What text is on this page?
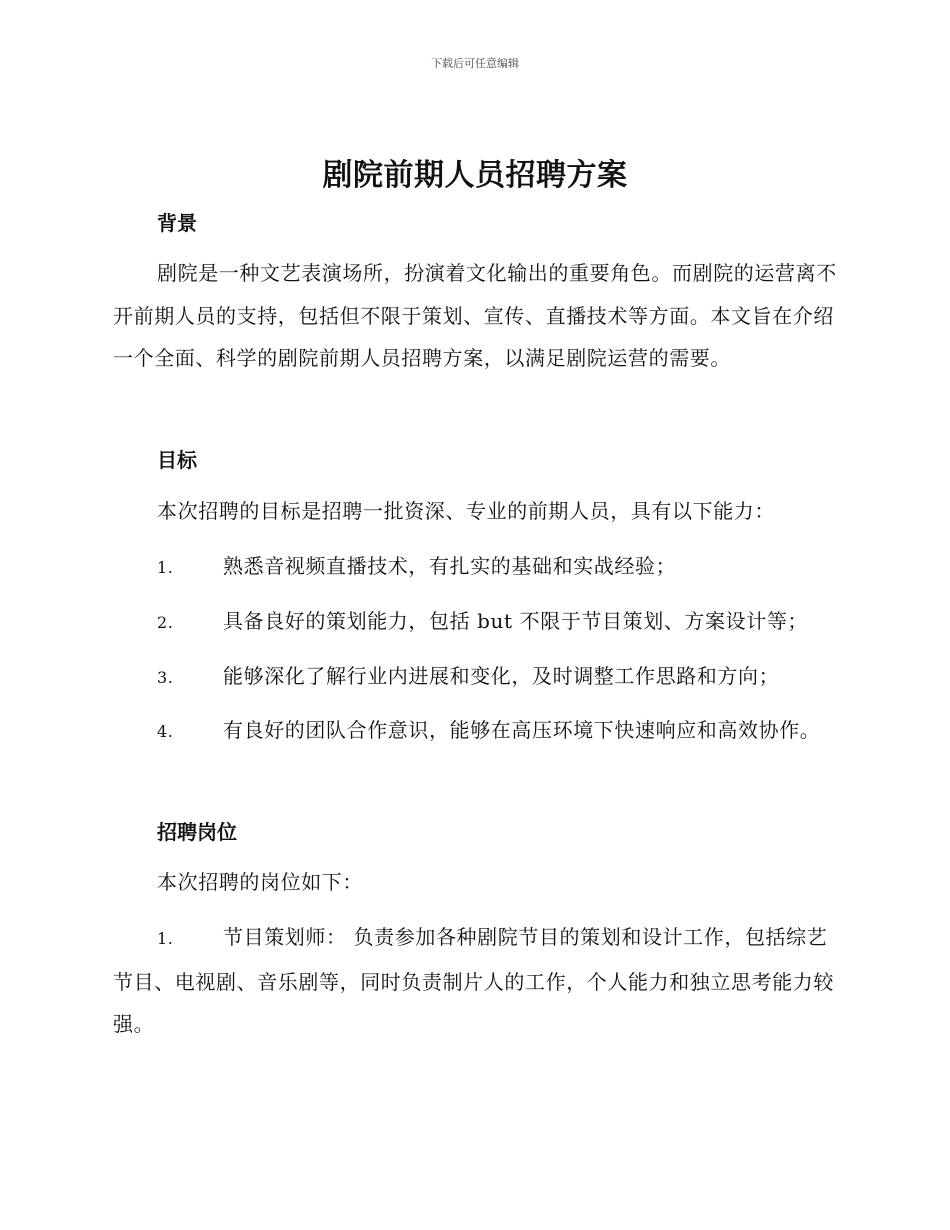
下载后可任意编辑
剧院前期人员招聘方案
背景

剧院是一种文艺表演场所，扮演着文化输出的重要角色。而剧院的运营离不开前期人员的支持，包括但不限于策划、宣传、直播技术等方面。本文旨在介绍一个全面、科学的剧院前期人员招聘方案，以满足剧院运营的需要。

目标

本次招聘的目标是招聘一批资深、专业的前期人员，具有以下能力：

1. 熟悉音视频直播技术，有扎实的基础和实战经验；

2. 具备良好的策划能力，包括 but 不限于节目策划、方案设计等；

3. 能够深化了解行业内进展和变化，及时调整工作思路和方向；

4. 有良好的团队合作意识，能够在高压环境下快速响应和高效协作。

招聘岗位

本次招聘的岗位如下：

1. 节目策划师： 负责参加各种剧院节目的策划和设计工作，包括综艺节目、电视剧、音乐剧等，同时负责制片人的工作，个人能力和独立思考能力较强。
